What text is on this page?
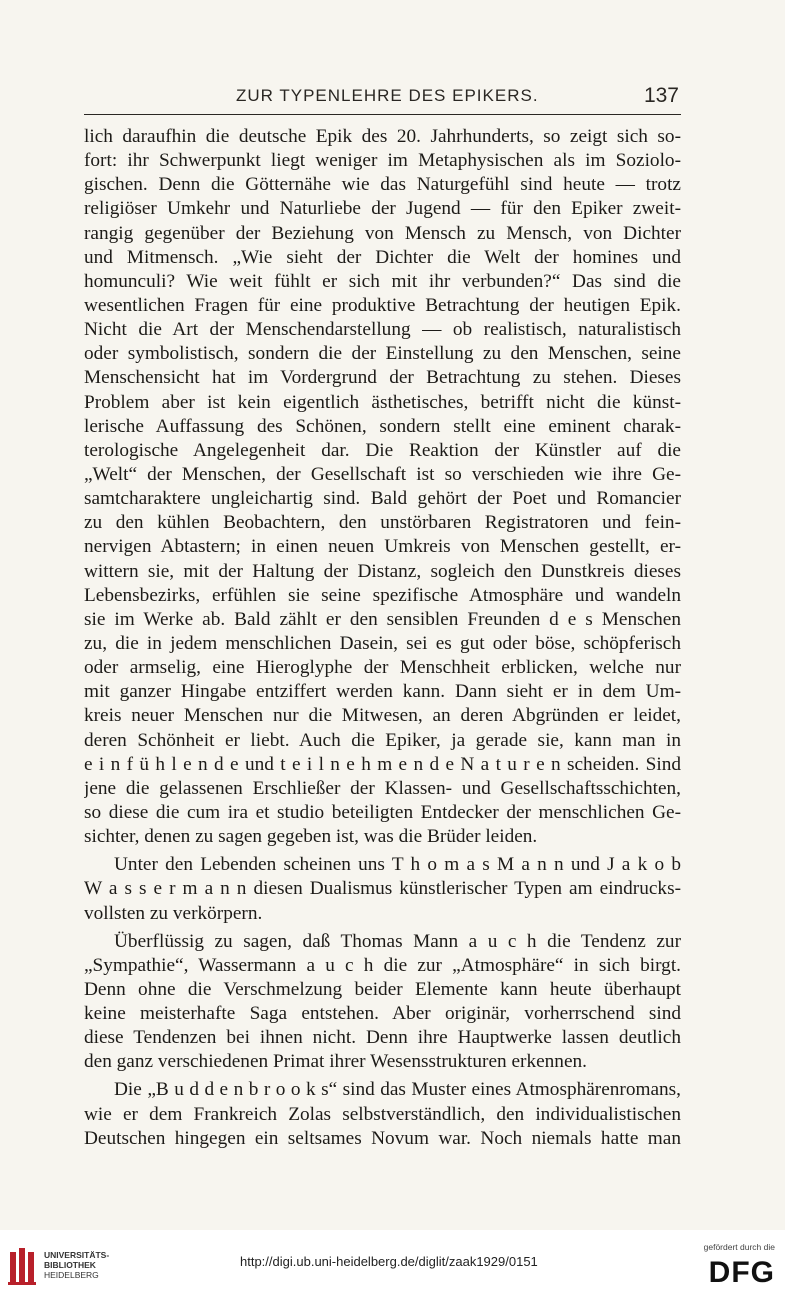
ZUR TYPENLEHRE DES EPIKERS.	137
lich daraufhin die deutsche Epik des 20. Jahrhunderts, so zeigt sich so-
fort: ihr Schwerpunkt liegt weniger im Metaphysischen als im Soziolo-
gischen. Denn die Götternähe wie das Naturgefühl sind heute — trotz
religiöser Umkehr und Naturliebe der Jugend — für den Epiker zweit-
rangig gegenüber der Beziehung von Mensch zu Mensch, von Dichter
und Mitmensch. „Wie sieht der Dichter die Welt der homines und
homunculi? Wie weit fühlt er sich mit ihr verbunden?“ Das sind die
wesentlichen Fragen für eine produktive Betrachtung der heutigen Epik.
Nicht die Art der Menschendarstellung — ob realistisch, naturalistisch
oder symbolistisch, sondern die der Einstellung zu den Menschen, seine
Menschensicht hat im Vordergrund der Betrachtung zu stehen. Dieses
Problem aber ist kein eigentlich ästhetisches, betrifft nicht die künst-
lerische Auffassung des Schönen, sondern stellt eine eminent charak-
terologische Angelegenheit dar. Die Reaktion der Künstler auf die
„Welt“ der Menschen, der Gesellschaft ist so verschieden wie ihre Ge-
samtcharaktere ungleichartig sind. Bald gehört der Poet und Romancier
zu den kühlen Beobachtern, den unstörbaren Registratoren und fein-
nervigen Abtastern; in einen neuen Umkreis von Menschen gestellt, er-
wittern sie, mit der Haltung der Distanz, sogleich den Dunstkreis dieses
Lebensbezirks, erfühlen sie seine spezifische Atmosphäre und wandeln
sie im Werke ab. Bald zählt er den sensiblen Freunden d e s Menschen
zu, die in jedem menschlichen Dasein, sei es gut oder böse, schöpferisch
oder armselig, eine Hieroglyphe der Menschheit erblicken, welche nur
mit ganzer Hingabe entziffert werden kann. Dann sieht er in dem Um-
kreis neuer Menschen nur die Mitwesen, an deren Abgründen er leidet,
deren Schönheit er liebt. Auch die Epiker, ja gerade sie, kann man in
e i n f ü h l e n d e und t e i l n e h m e n d e N a t u r e n scheiden. Sind
jene die gelassenen Erschließer der Klassen- und Gesellschaftsschichten,
so diese die cum ira et studio beteiligten Entdecker der menschlichen Ge-
sichter, denen zu sagen gegeben ist, was die Brüder leiden.
Unter den Lebenden scheinen uns T h o m a s M a n n und J a k o b
W a s s e r m a n n diesen Dualismus künstlerischer Typen am eindrucks-
vollsten zu verkörpern.
Überflüssig zu sagen, daß Thomas Mann a u c h die Tendenz zur
„Sympathie“, Wassermann a u c h die zur „Atmosphäre“ in sich birgt.
Denn ohne die Verschmelzung beider Elemente kann heute überhaupt
keine meisterhafte Saga entstehen. Aber originär, vorherrschend sind
diese Tendenzen bei ihnen nicht. Denn ihre Hauptwerke lassen deutlich
den ganz verschiedenen Primat ihrer Wesensstrukturen erkennen.
Die „B u d d e n b r o o k s“ sind das Muster eines Atmosphärenromans,
wie er dem Frankreich Zolas selbstverständlich, den individualistischen
Deutschen hingegen ein seltsames Novum war. Noch niemals hatte man
UNIVERSITÄTS-
BIBLIOTHEK
HEIDELBERG
http://digi.ub.uni-heidelberg.de/diglit/zaak1929/0151
gefördert durch die
DFG
